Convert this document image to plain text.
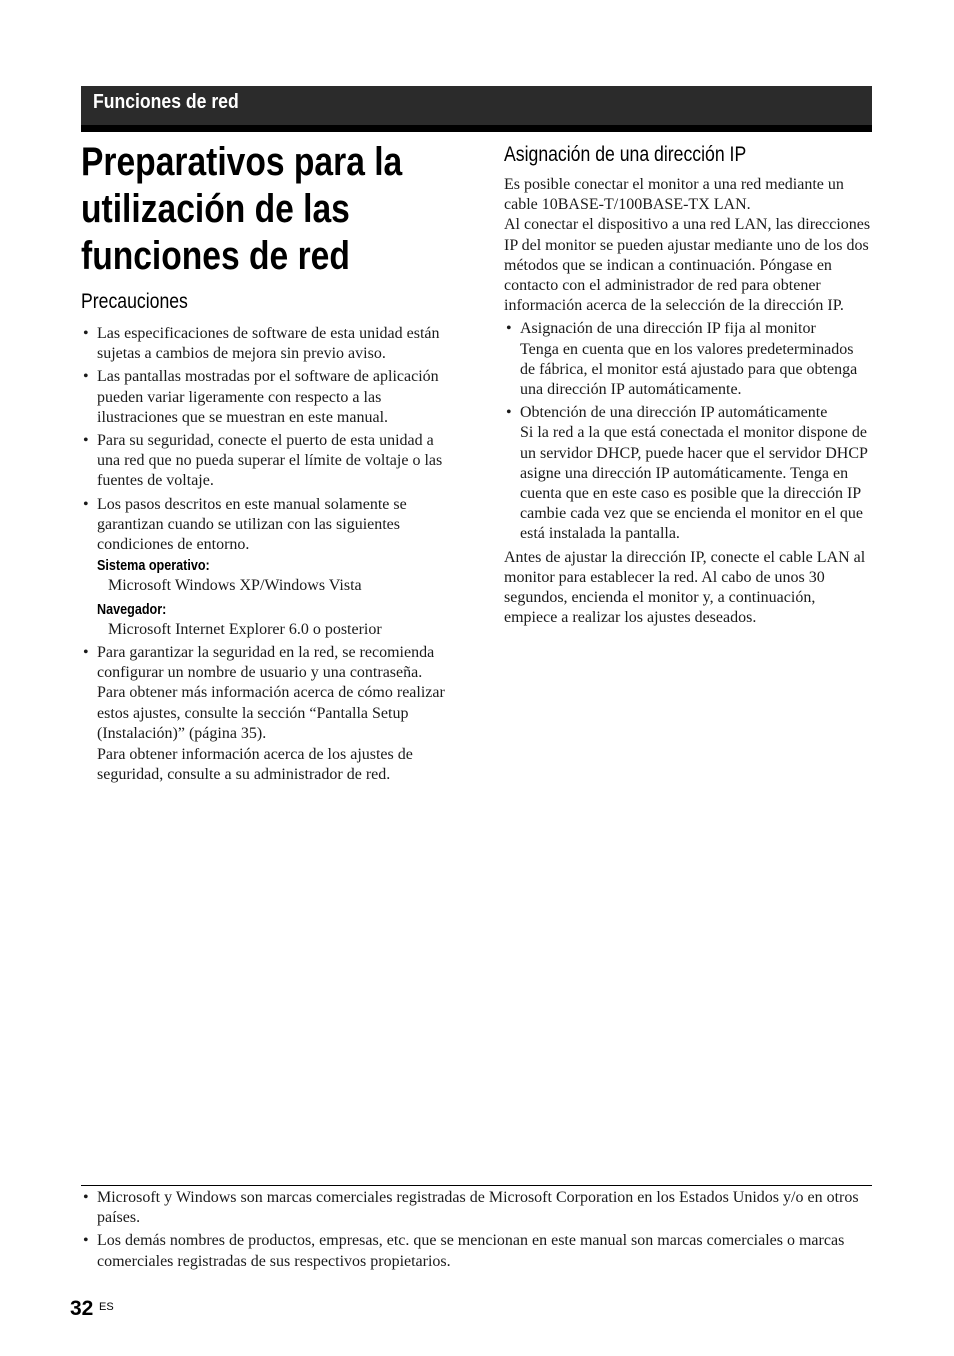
Funciones de red
Preparativos para la
utilización de las
funciones de red
Precauciones
• Las especificaciones de software de esta unidad están sujetas a cambios de mejora sin previo aviso.
• Las pantallas mostradas por el software de aplicación pueden variar ligeramente con respecto a las ilustraciones que se muestran en este manual.
• Para su seguridad, conecte el puerto de esta unidad a una red que no pueda superar el límite de voltaje o las fuentes de voltaje.

• Los pasos descritos en este manual solamente se garantizan cuando se utilizan con las siguientes condiciones de entorno.

Sistema operativo:

Microsoft Windows XP/Windows Vista

Navegador:

Microsoft Internet Explorer 6.0 o posterior

• Para garantizar la seguridad en la red, se recomienda configurar un nombre de usuario y una contraseña. Para obtener más información acerca de cómo realizar estos ajustes, consulte la sección “Pantalla Setup (Instalación)” (página 35).

Para obtener información acerca de los ajustes de seguridad, consulte a su administrador de red.

Asignación de una dirección IP

Es posible conectar el monitor a una red mediante un cable 10BASE-T/100BASE-TX LAN.

Al conectar el dispositivo a una red LAN, las direcciones IP del monitor se pueden ajustar mediante uno de los dos métodos que se indican a continuación. Póngase en contacto con el administrador de red para obtener información acerca de la selección de la dirección IP.

• Asignación de una dirección IP fija al monitor

Tenga en cuenta que en los valores predeterminados de fábrica, el monitor está ajustado para que obtenga una dirección IP automáticamente.

• Obtención de una dirección IP automáticamente

Si la red a la que está conectada el monitor dispone de un servidor DHCP, puede hacer que el servidor DHCP asigne una dirección IP automáticamente. Tenga en cuenta que en este caso es posible que la dirección IP cambie cada vez que se encienda el monitor en el que está instalada la pantalla.

Antes de ajustar la dirección IP, conecte el cable LAN al monitor para establecer la red. Al cabo de unos 30 segundos, encienda el monitor y, a continuación, empiece a realizar los ajustes deseados.

• Microsoft y Windows son marcas comerciales registradas de Microsoft Corporation en los Estados Unidos y/o en otros países.
• Los demás nombres de productos, empresas, etc. que se mencionan en este manual son marcas comerciales o marcas comerciales registradas de sus respectivos propietarios.
32 ES
